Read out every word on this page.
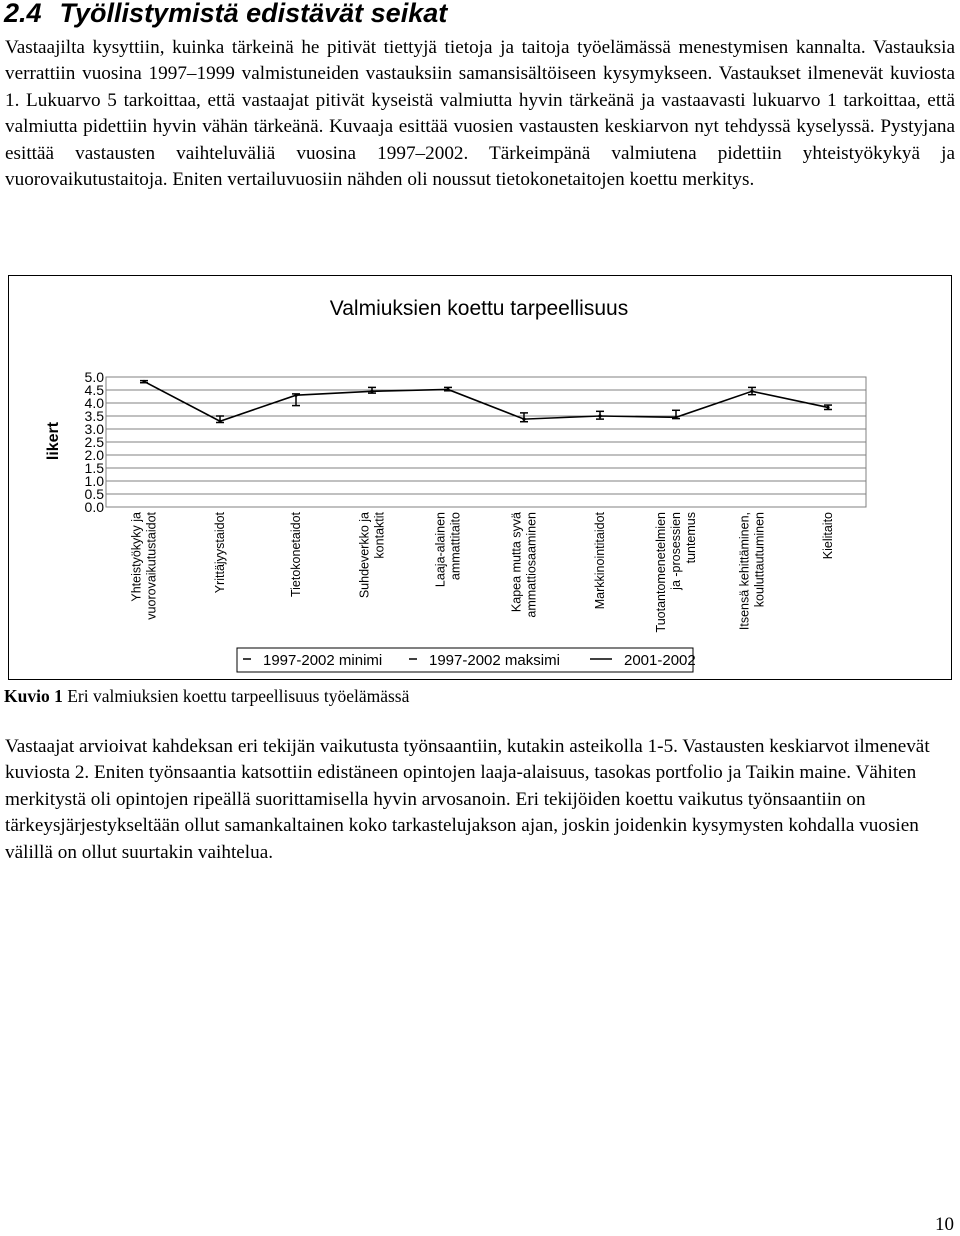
2.4 Työllistymistä edistävät seikat

Vastaajilta kysyttiin, kuinka tärkeinä he pitivät tiettyjä tietoja ja taitoja työelämässä menestymisen kannalta. Vastauksia verrattiin vuosina 1997–1999 valmistuneiden vastauksiin samansisältöiseen kysymykseen. Vastaukset ilmenevät kuviosta 1. Lukuarvo 5 tarkoittaa, että vastaajat pitivät kyseistä valmiutta hyvin tärkeänä ja vastaavasti lukuarvo 1 tarkoittaa, että valmiutta pidettiin hyvin vähän tärkeänä. Kuvaaja esittää vuosien vastausten keskiarvon nyt tehdyssä kyselyssä. Pystyjana esittää vastausten vaihteluväliä vuosina 1997–2002. Tärkeimpänä valmiutena pidettiin yhteistyökykyä ja vuorovaikutustaitoja. Eniten vertailuvuosiin nähden oli noussut tietokonetaitojen koettu merkitys.

Valmiuksien koettu tarpeellisuus
likert
0.0
0.5
1.0
1.5
2.0
2.5
3.0
3.5
4.0
4.5
5.0
Yhteistyökyky javuorovaikutustaidot	Yrittäjyystaidot	Tietokonetaidot	Suhdeverkko jakontaktit	Laaja-alainenammattitaito	Kapea mutta syväammattiosaaminen	Markkinointitaidot	Tuotantomenetelmienja -prosessientuntemus	Itsensä kehittäminen,kouluttautuminen	Kielitaito
1997-2002 minimi	1997-2002 maksimi	2001-2002
Kuvio 1 Eri valmiuksien koettu tarpeellisuus työelämässä

Vastaajat arvioivat kahdeksan eri tekijän vaikutusta työnsaantiin, kutakin asteikolla 1-5. Vastausten keskiarvot ilmenevät kuviosta 2. Eniten työnsaantia katsottiin edistäneen opintojen laaja-alaisuus, tasokas portfolio ja Taikin maine. Vähiten merkitystä oli opintojen ripeällä suorittamisella hyvin arvosanoin. Eri tekijöiden koettu vaikutus työnsaantiin on tärkeysjärjestykseltään ollut samankaltainen koko tarkastelujakson ajan, joskin joidenkin kysymysten kohdalla vuosien välillä on ollut suurtakin vaihtelua.

10
